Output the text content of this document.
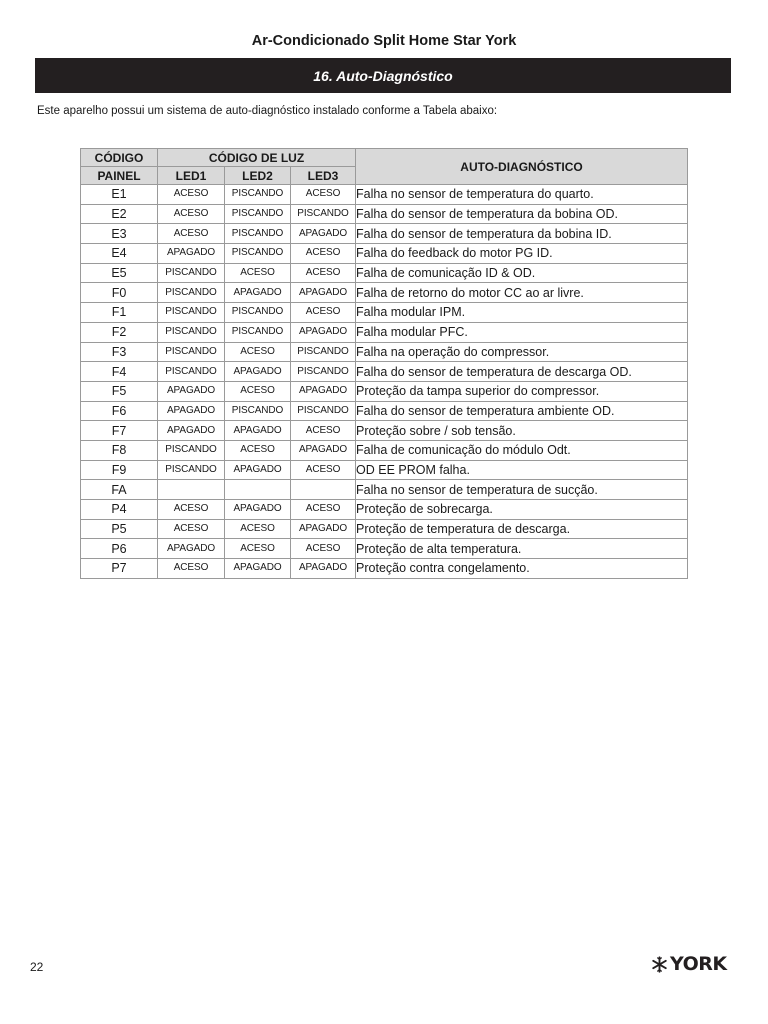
Ar-Condicionado Split Home Star York
16. Auto-Diagnóstico

Este aparelho possui um sistema de auto-diagnóstico instalado conforme a Tabela abaixo:

CÓDIGO	CÓDIGO DE LUZ			AUTO-DIAGNÓSTICO
PAINEL	LED1	LED2	LED3	
E1	ACESO	PISCANDO	ACESO	Falha no sensor de temperatura do quarto.
E2	ACESO	PISCANDO	PISCANDO	Falha do sensor de temperatura da bobina OD.
E3	ACESO	PISCANDO	APAGADO	Falha do sensor de temperatura da bobina ID.
E4	APAGADO	PISCANDO	ACESO	Falha do feedback do motor PG ID.
E5	PISCANDO	ACESO	ACESO	Falha de comunicação ID & OD.
F0	PISCANDO	APAGADO	APAGADO	Falha de retorno do motor CC ao ar livre.
F1	PISCANDO	PISCANDO	ACESO	Falha modular IPM.
F2	PISCANDO	PISCANDO	APAGADO	Falha modular PFC.
F3	PISCANDO	ACESO	PISCANDO	Falha na operação do compressor.
F4	PISCANDO	APAGADO	PISCANDO	Falha do sensor de temperatura de descarga OD.
F5	APAGADO	ACESO	APAGADO	Proteção da tampa superior do compressor.
F6	APAGADO	PISCANDO	PISCANDO	Falha do sensor de temperatura ambiente OD.
F7	APAGADO	APAGADO	ACESO	Proteção sobre / sob tensão.
F8	PISCANDO	ACESO	APAGADO	Falha de comunicação do módulo Odt.
F9	PISCANDO	APAGADO	ACESO	OD EE PROM falha.
FA				Falha no sensor de temperatura de sucção.
P4	ACESO	APAGADO	ACESO	Proteção de sobrecarga.
P5	ACESO	ACESO	APAGADO	Proteção de temperatura de descarga.
P6	APAGADO	ACESO	ACESO	Proteção de alta temperatura.
P7	ACESO	APAGADO	APAGADO	Proteção contra congelamento.
22	YORK
